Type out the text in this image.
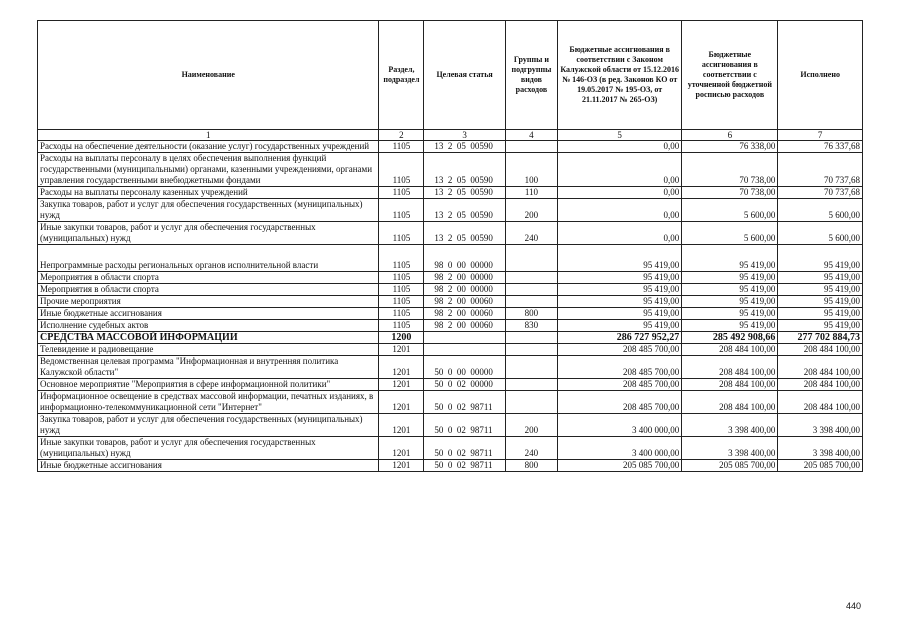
Наименование	Раздел, подраздел	Целевая статья	Группы и подгруппы видов расходов	Бюджетные ассигнования в соответствии с Законом Калужской области от 15.12.2016 № 146-ОЗ (в ред. Законов КО от 19.05.2017 № 195-ОЗ, от 21.11.2017 № 265-ОЗ)	Бюджетные ассигнования в соответствии с уточненной бюджетной росписью расходов	Исполнено
1	2	3	4	5	6	7
Расходы на обеспечение деятельности (оказание услуг) государственных учреждений	1105	13  2  05  00590		0,00	76 338,00	76 337,68
Расходы на выплаты персоналу в целях обеспечения выполнения функций государственными (муниципальными) органами, казенными учреждениями, органами управления государственными внебюджетными фондами	1105	13  2  05  00590	100	0,00	70 738,00	70 737,68
Расходы на выплаты персоналу казенных учреждений	1105	13  2  05  00590	110	0,00	70 738,00	70 737,68
Закупка товаров, работ и услуг для обеспечения государственных (муниципальных) нужд	1105	13  2  05  00590	200	0,00	5 600,00	5 600,00
Иные закупки товаров, работ и услуг для обеспечения государственных (муниципальных) нужд	1105	13  2  05  00590	240	0,00	5 600,00	5 600,00
Непрограммные расходы региональных органов исполнительной власти	1105	98  0  00  00000		95 419,00	95 419,00	95 419,00
Мероприятия в области спорта	1105	98  2  00  00000		95 419,00	95 419,00	95 419,00
Мероприятия в области спорта	1105	98  2  00  00000		95 419,00	95 419,00	95 419,00
Прочие мероприятия	1105	98  2  00  00060		95 419,00	95 419,00	95 419,00
Иные бюджетные ассигнования	1105	98  2  00  00060	800	95 419,00	95 419,00	95 419,00
Исполнение судебных актов	1105	98  2  00  00060	830	95 419,00	95 419,00	95 419,00
СРЕДСТВА МАССОВОЙ ИНФОРМАЦИИ	1200			286 727 952,27	285 492 908,66	277 702 884,73
Телевидение и радиовещание	1201			208 485 700,00	208 484 100,00	208 484 100,00
Ведомственная целевая программа "Информационная и внутренняя политика Калужской области"	1201	50  0  00  00000		208 485 700,00	208 484 100,00	208 484 100,00
Основное мероприятие "Мероприятия в сфере информационной политики"	1201	50  0  02  00000		208 485 700,00	208 484 100,00	208 484 100,00
Информационное освещение в средствах массовой информации, печатных изданиях, в информационно-телекоммуникационной сети "Интернет"	1201	50  0  02  98711		208 485 700,00	208 484 100,00	208 484 100,00
Закупка товаров, работ и услуг для обеспечения государственных (муниципальных) нужд	1201	50  0  02  98711	200	3 400 000,00	3 398 400,00	3 398 400,00
Иные закупки товаров, работ и услуг для обеспечения государственных (муниципальных) нужд	1201	50  0  02  98711	240	3 400 000,00	3 398 400,00	3 398 400,00
Иные бюджетные ассигнования	1201	50  0  02  98711	800	205 085 700,00	205 085 700,00	205 085 700,00
440
